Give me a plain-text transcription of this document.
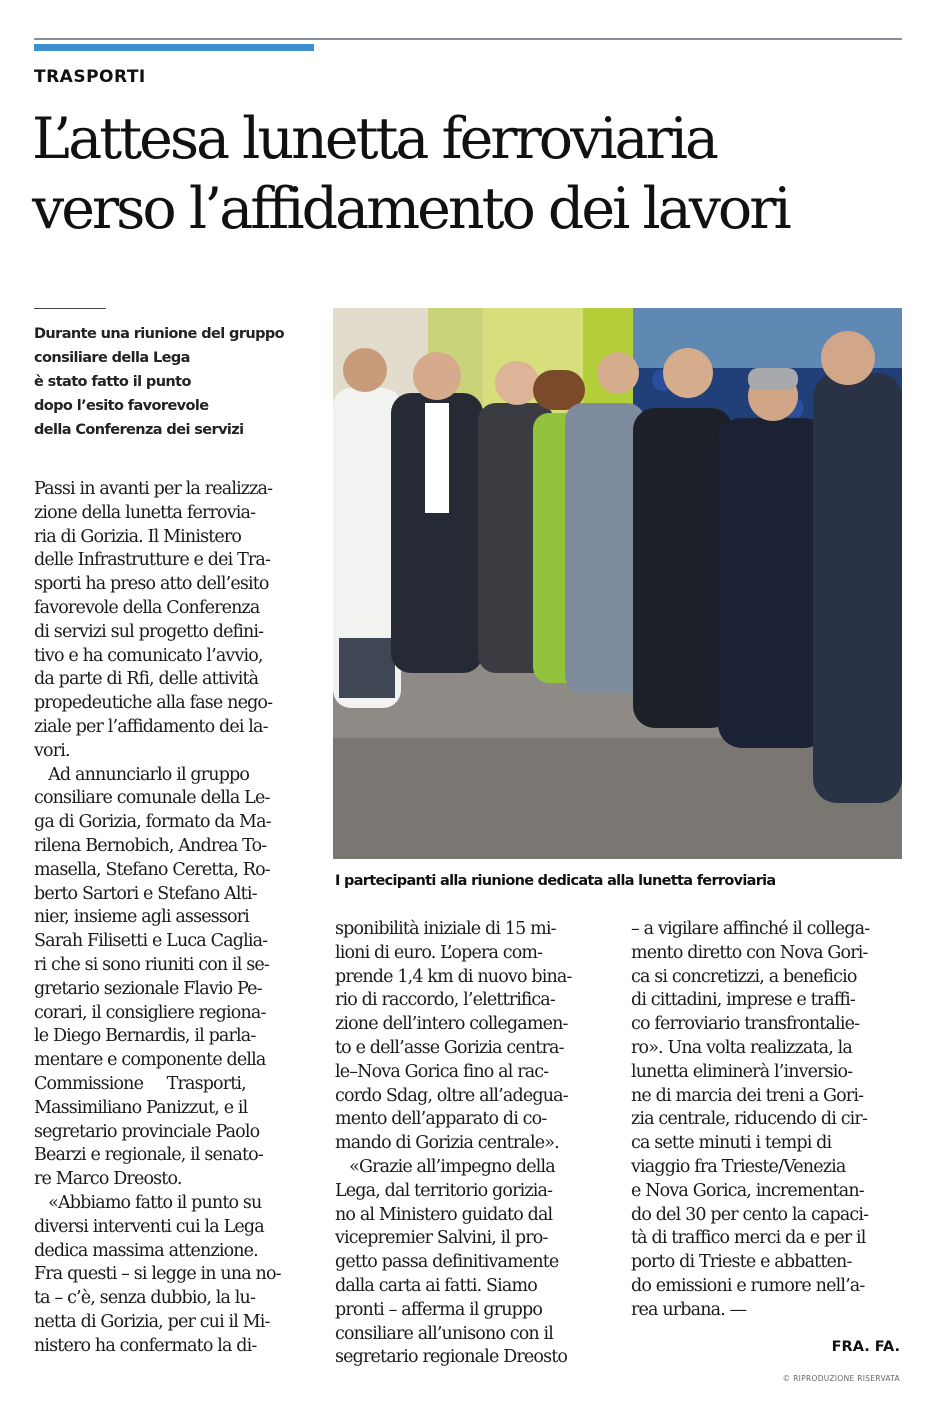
TRASPORTI
L’attesa lunetta ferroviaria
verso l’affidamento dei lavori
Durante una riunione del gruppo
consiliare della Lega
è stato fatto il punto
dopo l’esito favorevole
della Conferenza dei servizi
Passi in avanti per la realizza-
zione della lunetta ferrovia-
ria di Gorizia. Il Ministero
delle Infrastrutture e dei Tra-
sporti ha preso atto dell’esito
favorevole della Conferenza
di servizi sul progetto defini-
tivo e ha comunicato l’avvio,
da parte di Rfi, delle attività
propedeutiche alla fase nego-
ziale per l’affidamento dei la-
vori.
Ad annunciarlo il gruppo
consiliare comunale della Le-
ga di Gorizia, formato da Ma-
rilena Bernobich, Andrea To-
masella, Stefano Ceretta, Ro-
berto Sartori e Stefano Alti-
nier, insieme agli assessori
Sarah Filisetti e Luca Caglia-
ri che si sono riuniti con il se-
gretario sezionale Flavio Pe-
corari, il consigliere regiona-
le Diego Bernardis, il parla-
mentare e componente della
Commissione     Trasporti,
Massimiliano Panizzut, e il
segretario provinciale Paolo
Bearzi e regionale, il senato-
re Marco Dreosto.
«Abbiamo fatto il punto su
diversi interventi cui la Lega
dedica massima attenzione.
Fra questi – si legge in una no-
ta – c’è, senza dubbio, la lu-
netta di Gorizia, per cui il Mi-
nistero ha confermato la di-
I partecipanti alla riunione dedicata alla lunetta ferroviaria
sponibilità iniziale di 15 mi-
lioni di euro. L’opera com-
prende 1,4 km di nuovo bina-
rio di raccordo, l’elettrifica-
zione dell’intero collegamen-
to e dell’asse Gorizia centra-
le–Nova Gorica fino al rac-
cordo Sdag, oltre all’adegua-
mento dell’apparato di co-
mando di Gorizia centrale».
«Grazie all’impegno della
Lega, dal territorio gorizia-
no al Ministero guidato dal
vicepremier Salvini, il pro-
getto passa definitivamente
dalla carta ai fatti. Siamo
pronti – afferma il gruppo
consiliare all’unisono con il
segretario regionale Dreosto
– a vigilare affinché il collega-
mento diretto con Nova Gori-
ca si concretizzi, a beneficio
di cittadini, imprese e traffi-
co ferroviario transfrontalie-
ro». Una volta realizzata, la
lunetta eliminerà l’inversio-
ne di marcia dei treni a Gori-
zia centrale, riducendo di cir-
ca sette minuti i tempi di
viaggio fra Trieste/Venezia
e Nova Gorica, incrementan-
do del 30 per cento la capaci-
tà di traffico merci da e per il
porto di Trieste e abbatten-
do emissioni e rumore nell’a-
rea urbana. —
FRA. FA.
© RIPRODUZIONE RISERVATA
